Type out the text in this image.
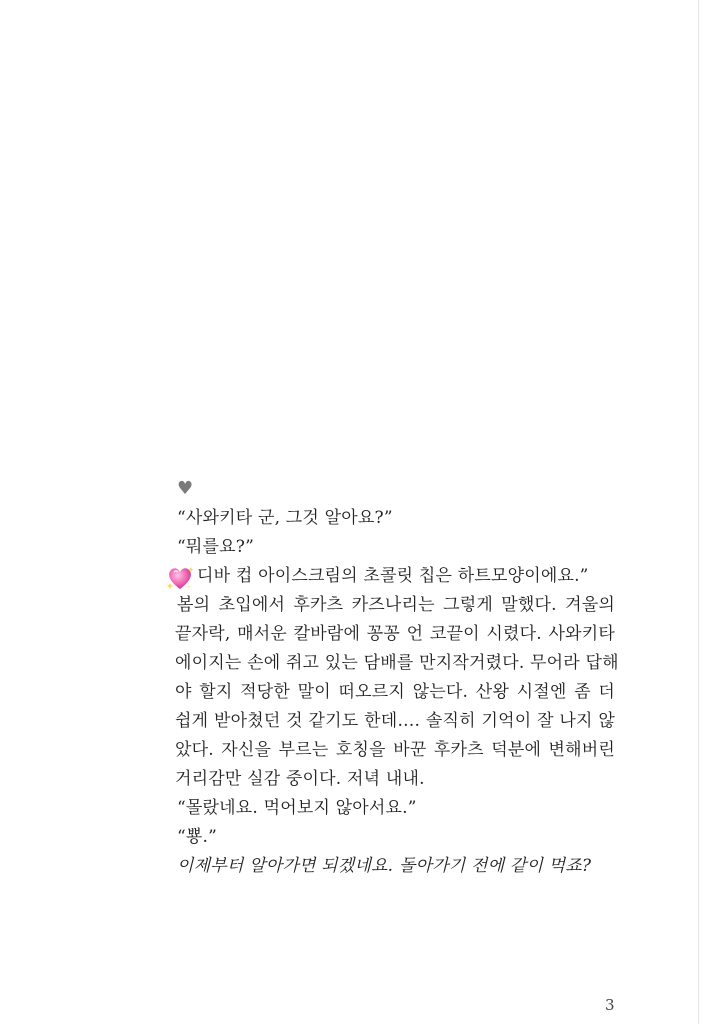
♥
“사와키타 군, 그것 알아요?”
“뭐를요?”
디바 컵 아이스크림의 초콜릿 칩은 하트모양이에요.”
봄의 초입에서 후카츠 카즈나리는 그렇게 말했다. 겨울의
끝자락, 매서운 칼바람에 꽁꽁 언 코끝이 시렸다. 사와키타
에이지는 손에 쥐고 있는 담배를 만지작거렸다. 무어라 답해
야 할지 적당한 말이 떠오르지 않는다. 산왕 시절엔 좀 더
쉽게 받아쳤던 것 같기도 한데…. 솔직히 기억이 잘 나지 않
았다. 자신을 부르는 호칭을 바꾼 후카츠 덕분에 변해버린
거리감만 실감 중이다. 저녁 내내.
“몰랐네요. 먹어보지 않아서요.”
“뿅.”
이제부터 알아가면 되겠네요. 돌아가기 전에 같이 먹죠?
3
